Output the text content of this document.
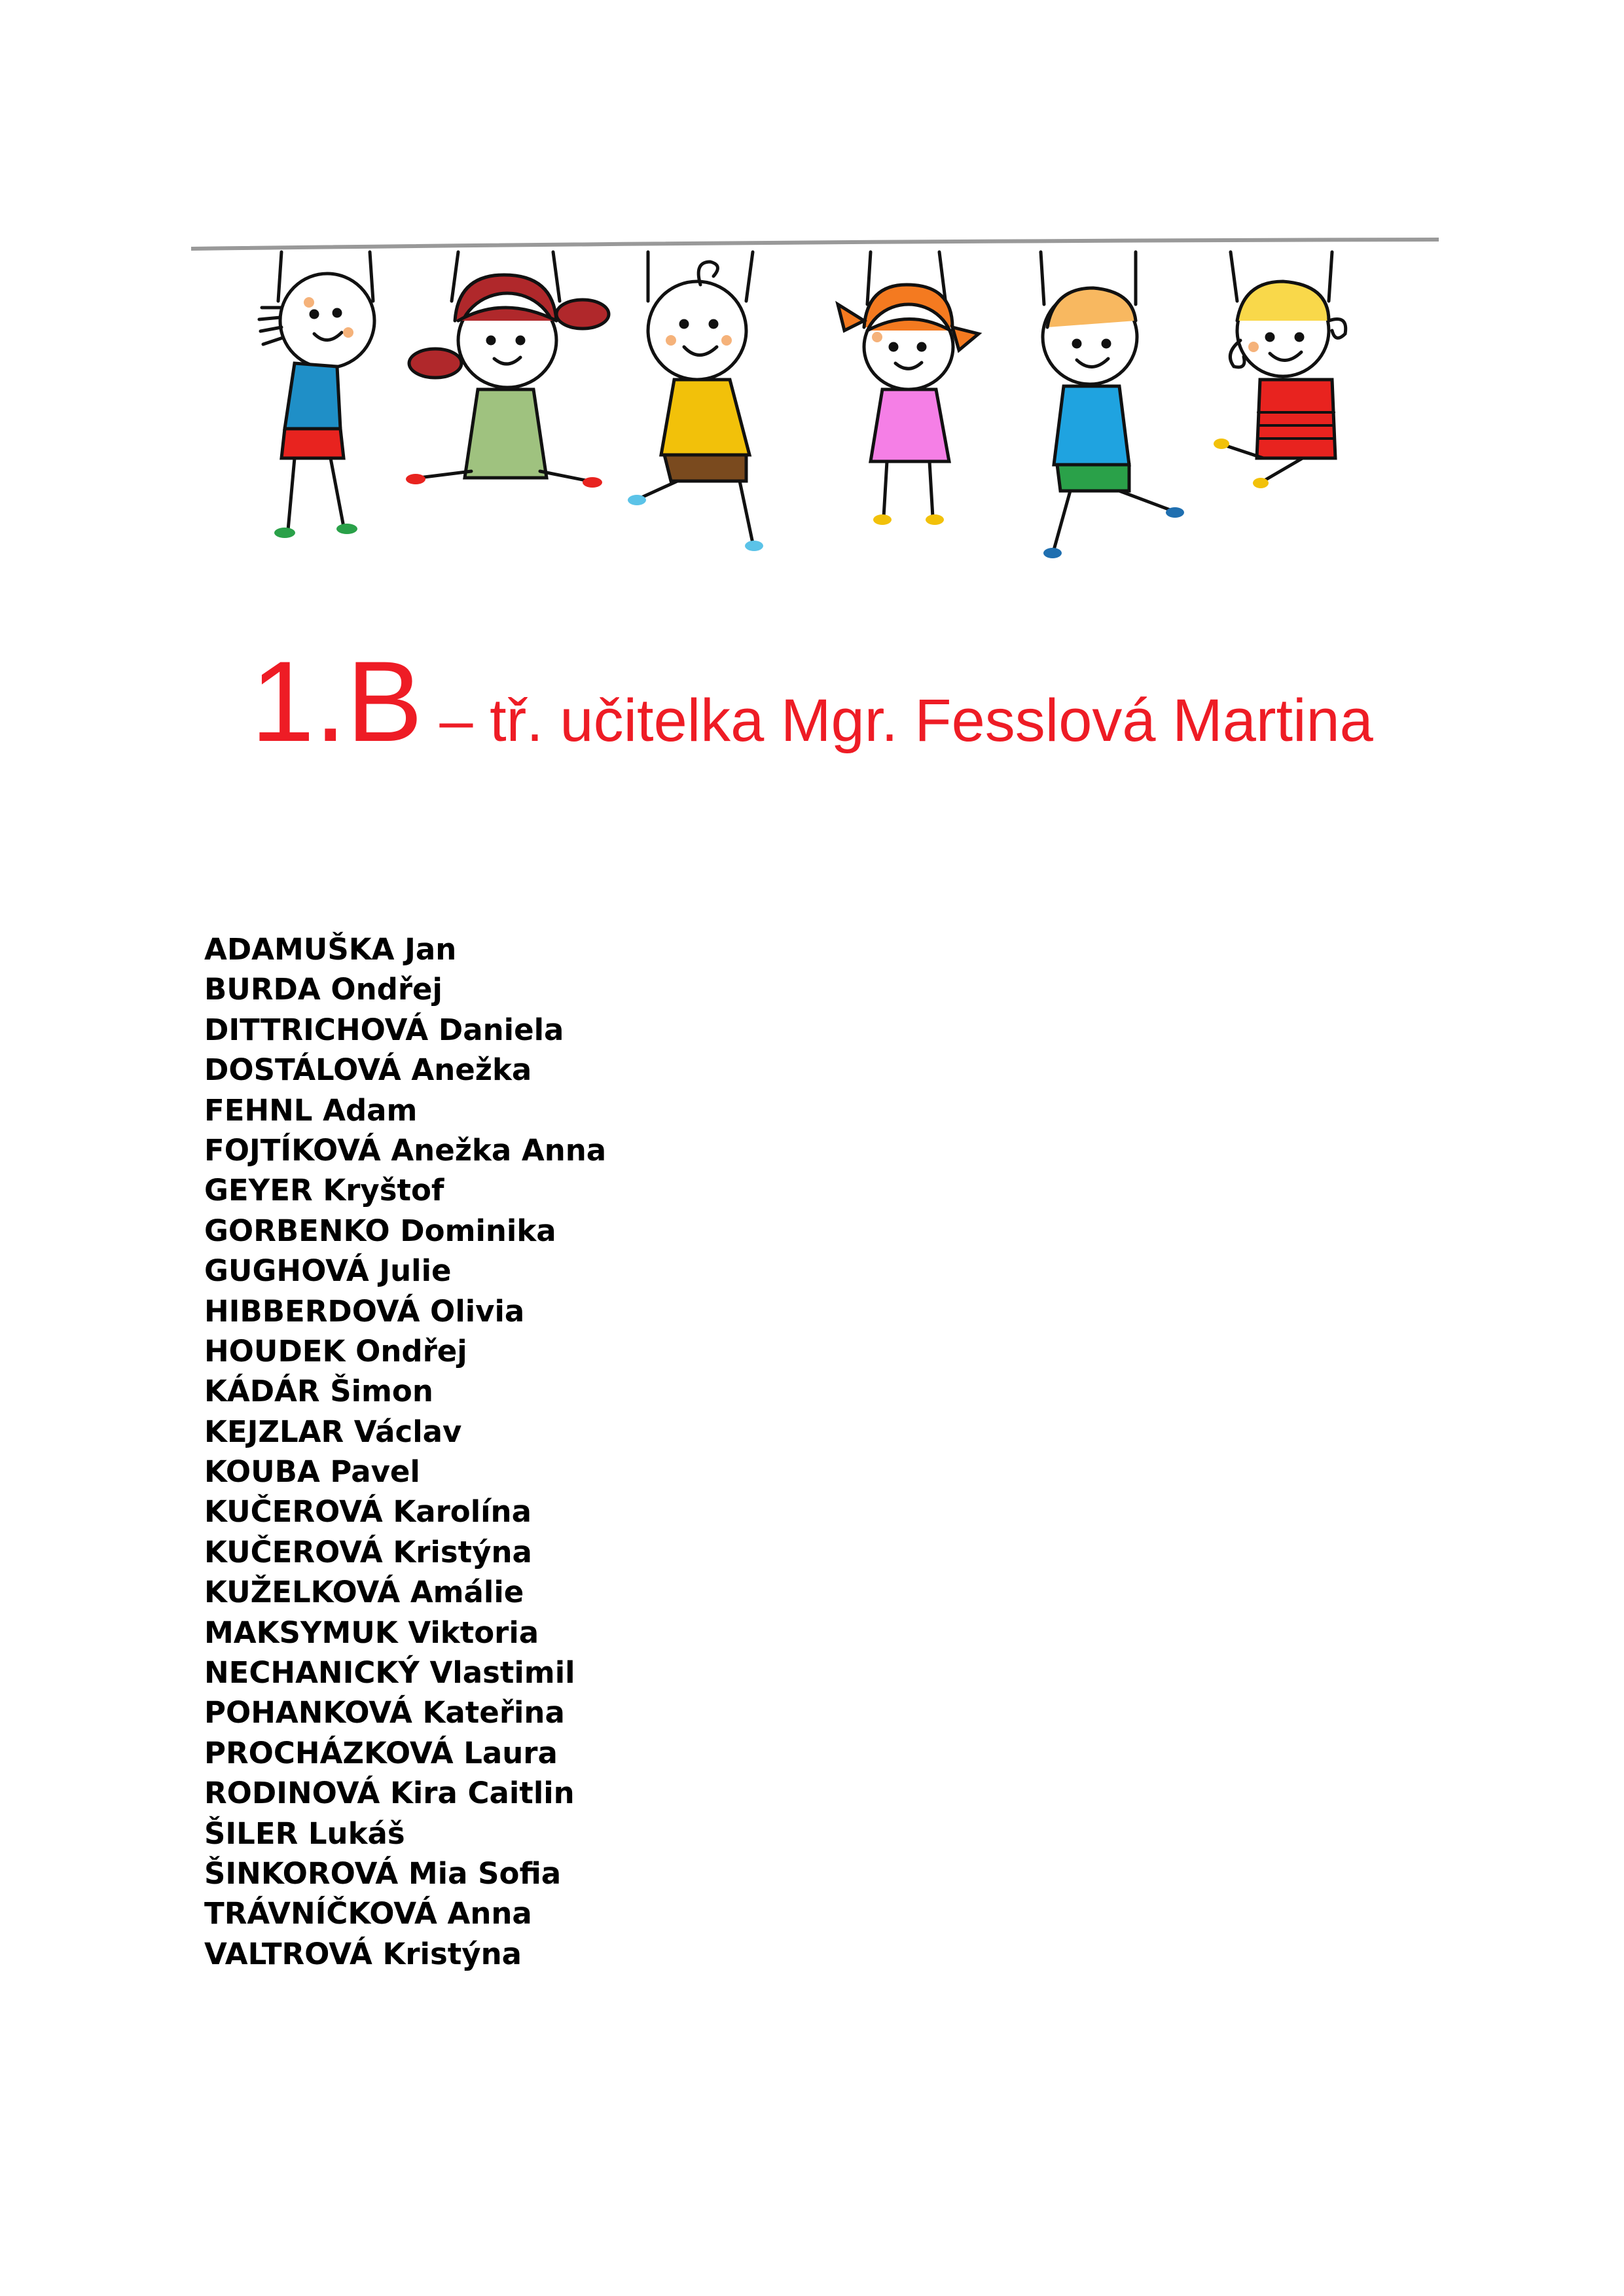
1.B – tř. učitelka Mgr. Fesslová Martina
ADAMUŠKA Jan
BURDA Ondřej
DITTRICHOVÁ Daniela
DOSTÁLOVÁ Anežka
FEHNL Adam
FOJTÍKOVÁ Anežka Anna
GEYER Kryštof
GORBENKO Dominika
GUGHOVÁ Julie
HIBBERDOVÁ Olivia
HOUDEK Ondřej
KÁDÁR Šimon
KEJZLAR Václav
KOUBA Pavel
KUČEROVÁ Karolína
KUČEROVÁ Kristýna
KUŽELKOVÁ Amálie
MAKSYMUK Viktoria
NECHANICKÝ Vlastimil
POHANKOVÁ Kateřina
PROCHÁZKOVÁ Laura
RODINOVÁ Kira Caitlin
ŠILER Lukáš
ŠINKOROVÁ Mia Sofia
TRÁVNÍČKOVÁ Anna
VALTROVÁ Kristýna
